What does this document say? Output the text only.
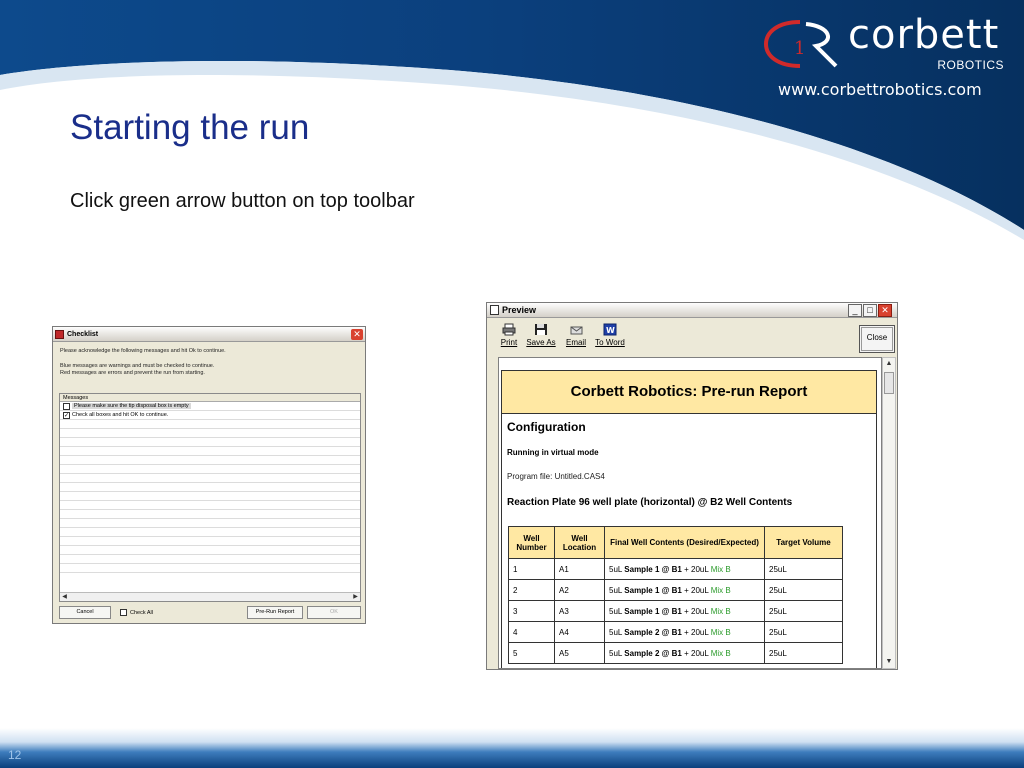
1 corbett
ROBOTICS
www.corbettrobotics.com
Starting the run
Click green arrow button on top toolbar
Checklist	✕
Please acknowledge the following messages and hit Ok to continue.
Blue messages are warnings and must be checked to continue.
Red messages are errors and prevent the run from starting.
Messages
Please make sure the tip disposal box is empty
✓ Check all boxes and hit OK to continue.
◀	▶
Cancel	Check All	Pre-Run Report	OK
Preview	_	□ ✕
Print Save As Email
W
To Word
Close
Corbett Robotics: Pre-run Report
Configuration
Running in virtual mode
Program file: Untitled.CAS4
Reaction Plate 96 well plate (horizontal) @ B2 Well Contents
Well Number	Well Location	Final Well Contents (Desired/Expected)	Target Volume
1	A1	5uL Sample 1 @ B1 + 20uL Mix B	25uL
2	A2	5uL Sample 1 @ B1 + 20uL Mix B	25uL
3	A3	5uL Sample 1 @ B1 + 20uL Mix B	25uL
4	A4	5uL Sample 2 @ B1 + 20uL Mix B	25uL
5	A5	5uL Sample 2 @ B1 + 20uL Mix B	25uL
▲
▼
12
